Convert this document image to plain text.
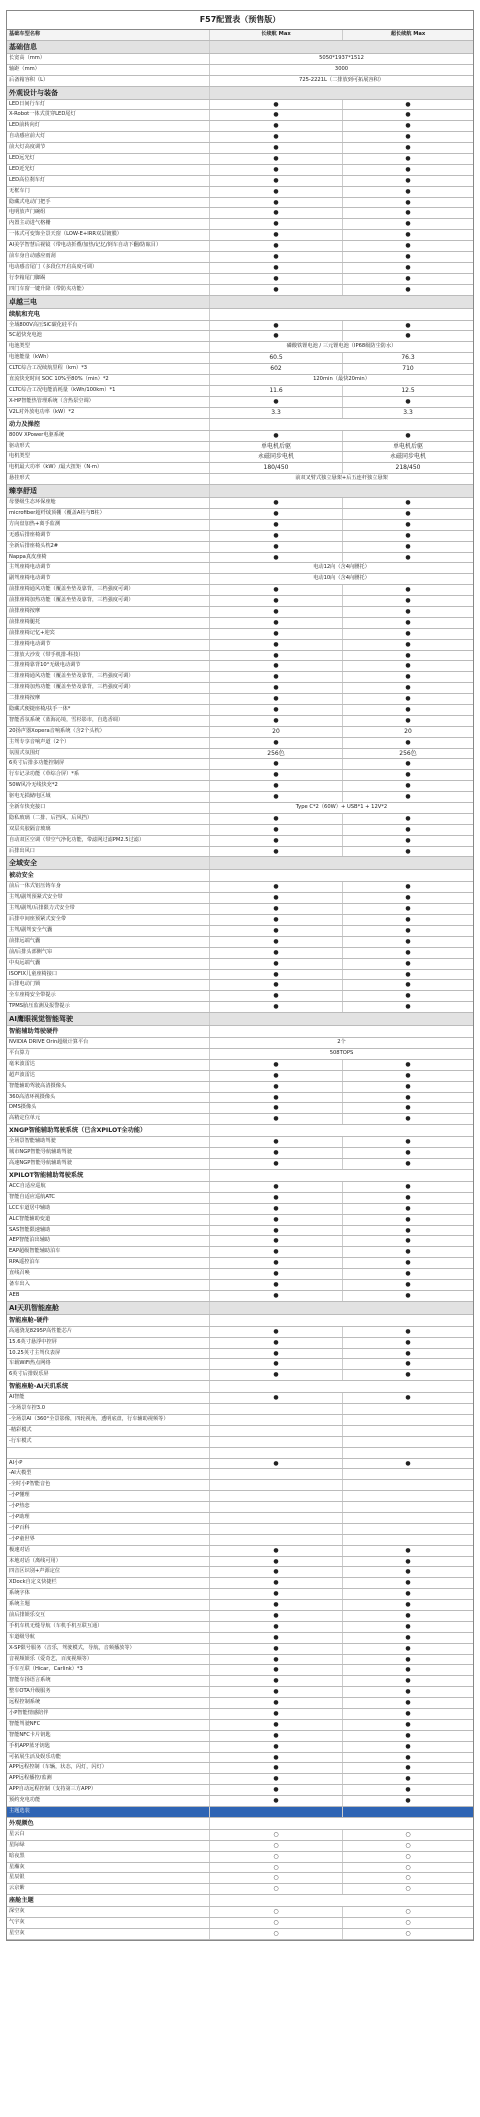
F57配置表（预售版）
基础车型名称	长续航 Max	超长续航 Max
基础信息
长宽高（mm）	5050*1937*1512
轴距（mm）	3000
后备箱容积（L）	725-2221L（二排放到可拓展容积）
外观设计与装备
LED日间行车灯	●	●
X-Robot一体式贯穿LED尾灯	●	●
LED前转向灯	●	●
自动感应前大灯	●	●
前大灯高度调节	●	●
LED远光灯	●	●
LED近光灯	●	●
LED高位刹车灯	●	●
无框车门	●	●
隐藏式电动门把手	●	●
电明放声门碗组	●	●
内置主动进气格栅	●	●
一体式可变饰全景天窗（LOW-E+IRR双层镀膜）	●	●
AI美学智慧后视镜（带电动折叠/加热/记忆/倒车自动下翻/防眩目）	●	●
前车身自动感应雨刮	●	●
电动感音尾门（多段位开启高度可调）	●	●
行李箱尾门脚踢	●	●
四门车窗一键升降（带防夹功能）	●	●
卓越三电
续航和充电
全域800V高压SiC碳化硅平台	●	●
5C超快充电池	●	●
电池类型	磷酸铁锂电池 / 三元锂电池（IP68级防尘防水）
电池能量（kWh）	60.5	76.3
CLTC综合工况续航里程（km）*3	602	710
直流快充时间 SOC 10%至80%（min）*2	120min（最快20min）
CLTC综合工况电能消耗量（kWh/100km）*1	11.6	12.5
X-HP智能热管理系统（含热泵空调）	●	●
V2L对外放电功率（kW）*2	3.3	3.3
动力及操控
800V XPower电驱系统	●	●
驱动形式	单电机后驱	单电机后驱
电机类型	永磁同步电机	永磁同步电机
电机最大功率（kW）/最大扭矩（N·m）	180/450	218/450
悬挂形式	前双叉臂式独立悬架+后五连杆独立悬架
臻享舒适
母婴级生态环保座舱	●	●
microfiber超纤绒顶棚（覆盖A柱与B柱）	●	●
方向盘加热+离手监测	●	●
无感后排座椅调节	●	●
全新后排座椅头枕2#	●	●
Nappa真皮座椅	●	●
主驾座椅电动调节	电动12向（含4向腰托）
副驾座椅电动调节	电动10向（含4向腰托）
前排座椅通风功能（覆盖坐垫及靠背，三档强度可调）	●	●
前排座椅加热功能（覆盖坐垫及靠背，三档强度可调）	●	●
前排座椅按摩	●	●
前排座椅腿托	●	●
前排座椅记忆+迎宾	●	●
二排座椅电动调节	●	●
二排放大沙发（带手机排-科技）	●	●
二排座椅靠背10°无级电动调节	●	●
二排座椅通风功能（覆盖坐垫及靠背，三档强度可调）	●	●
二排座椅加热功能（覆盖坐垫及靠背，三档强度可调）	●	●
二排座椅按摩	●	●
隐藏式便捷座椅/扶手一体*	●	●
智能香氛系统（蓝海沁境，雪杉影市，自选香调）	●	●
20扬声器Xopera音响系统（含2个头枕）	20	20
主驾专享音响声道（2个）	●	●
氛围式氛围灯	256色	256色
6英寸后排多功能控制屏	●	●
行车记录功能（草综合屏）*系	●	●
50W风冷无线快充*2	●	●
驱电无损储电区域	●	●
全新车快充接口	Type C*2（60W）+ USB*1 + 12V*2
隐私玻璃（二排、后挡风、后风挡）	●	●
双层夹胶隔音玻璃	●	●
自动双区空调（带空气净化功能，带滤网过滤PM2.5过滤）	●	●
后排出风口	●	●
全域安全
被动安全
前后一体式铝压铸车身	●	●
主驾/副驾预紧式安全带	●	●
主驾/副驾/后排限力式安全带	●	●
后排中间座预紧式安全带	●	●
主驾/副驾安全气囊	●	●
前排远端气囊	●	●
前/后排头部侧气帘	●	●
中央远端气囊	●	●
ISOFIX儿童座椅接口	●	●
后排电动门锁	●	●
全车座椅安全带提示	●	●
TPMS胎压监测及报警提示	●	●
AI鹰眼视觉智能驾驶
智能辅助驾驶硬件
NVIDIA DRIVE Orin超级计算平台	2个
平台算力	508TOPS
毫米波雷达	●	●
超声波雷达	●	●
智能辅助驾驶高清摄像头	●	●
360高清环视摄像头	●	●
DMS摄像头	●	●
高精定位单元	●	●
XNGP智能辅助驾驶系统（已含XPILOT全功能）
全场景智能辅助驾驶	●	●
城市NGP智能导航辅助驾驶	●	●
高速NGP智能导航辅助驾驶	●	●
XPILOT智能辅助驾驶系统
ACC自适应巡航	●	●
智能自适应巡航ATC	●	●
LCC车道居中辅助	●	●
ALC智能辅助变道	●	●
SAS智能限速辅助	●	●
AEP智能泊出辅助	●	●
EAP超级智能辅助泊车	●	●
RPA遥控泊车	●	●
直线召唤	●	●
备车出入	●	●
AEB	●	●
AI天玑智能座舱
智能座舱-硬件
高通骁龙8295P高性能芯片	●	●
15.6英寸悬浮中控屏	●	●
10.25英寸主驾仪表屏	●	●
车载WiFi热点网络	●	●
6英寸后排娱乐屏	●	●
智能座舱-AI天玑系统
AI智能	●	●
-全场景车控3.0
-全场景AI（360°全景影像，四轮视角，透明底盘，行车辅助视频等）
-精彩模式
-行车模式
AI小P	●	●
-AI大模型
-全时小P智能音色
-小P懂理
-小P热恋
-小P助理
-小P百科
-小P童世界
极速对话	●	●
本地对话（离线可用）	●	●
四音区识别+声源定位	●	●
XDock自定义快捷栏	●	●
系统字体	●	●
系统主题	●	●
前后排娱乐交互	●	●
手机车机无缝导航（车机手机互联互通）	●	●
车道级导航	●	●
X-SP限号服务（音乐，驾驶模式，导航，音频播放等）	●	●
音视频娱乐（爱奇艺，百度视频等）	●	●
手车互联（Hicar，Carlink）*3	●	●
智能车扬语言系统	●	●
整车OTA升级服务	●	●
远程控制系统	●	●
小P智能情感陪伴	●	●
智能驾驶NFC	●	●
智能NFC卡片钥匙	●	●
手机APP蓝牙钥匙	●	●
可拓展生活及娱乐功能	●	●
APP远程控制（车辆，状态，闪灯，闪灯）	●	●
APP远程播控/监测	●	●
APP自动远程控制（支持第三方APP）	●	●
预约充电功能	●	●
主题选装
外观颜色
星云白	○	○
星际绿	○	○
暗夜黑	○	○
星瀚灰	○	○
星辰银	○	○
云京紫	○	○
座舱主题
深空灰	○	○
气宇灰	○	○
星空灰	○	○
